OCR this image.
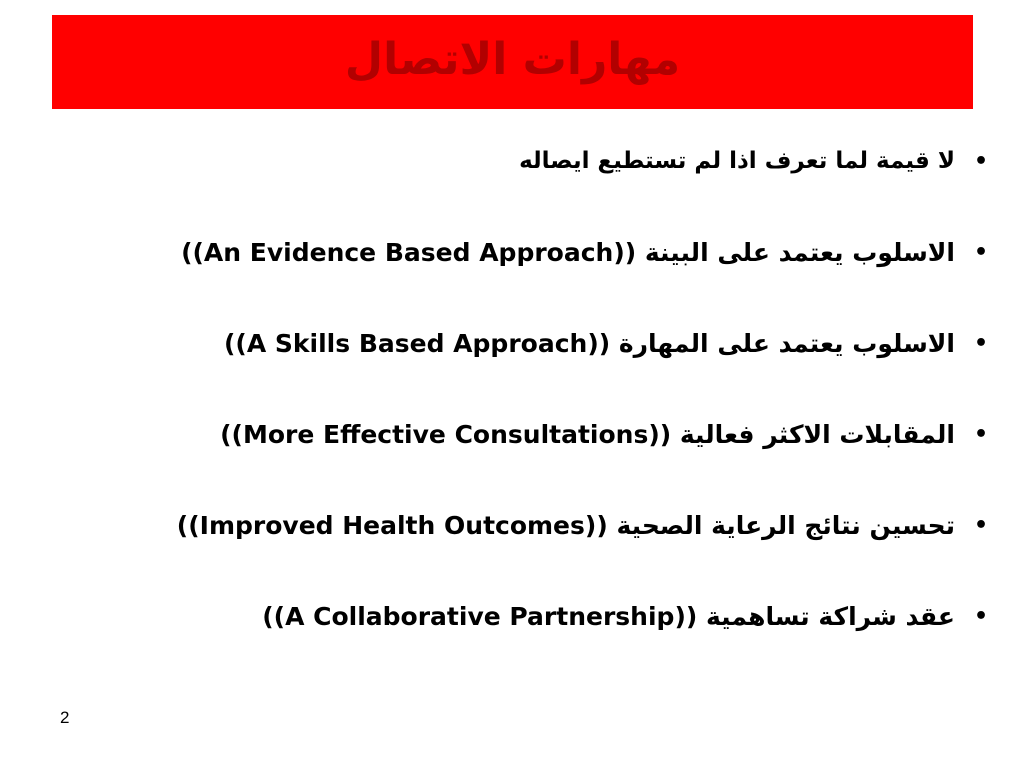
مهارات الاتصال
•
لا قيمة لما تعرف اذا لم تستطيع ايصاله
•
الاسلوب يعتمد على البينة ((An Evidence Based Approach))
•
الاسلوب يعتمد على المهارة ((A Skills Based Approach))
•
المقابلات الاكثر فعالية ((More Effective Consultations))
•
تحسين نتائج الرعاية الصحية ((Improved Health Outcomes))
•
عقد شراكة تساهمية ((A Collaborative Partnership))
2
